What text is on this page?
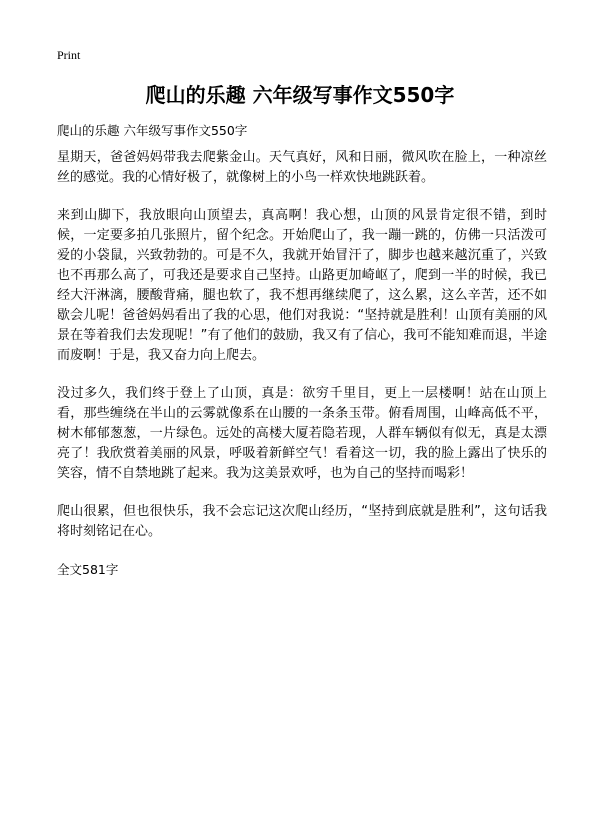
Print
爬山的乐趣 六年级写事作文550字
爬山的乐趣 六年级写事作文550字

星期天，爸爸妈妈带我去爬紫金山。天气真好，风和日丽，微风吹在脸上，一种凉丝丝的感觉。我的心情好极了，就像树上的小鸟一样欢快地跳跃着。

来到山脚下，我放眼向山顶望去，真高啊！我心想，山顶的风景肯定很不错，到时候，一定要多拍几张照片，留个纪念。开始爬山了，我一蹦一跳的，仿佛一只活泼可爱的小袋鼠，兴致勃勃的。可是不久，我就开始冒汗了，脚步也越来越沉重了，兴致也不再那么高了，可我还是要求自己坚持。山路更加崎岖了，爬到一半的时候，我已经大汗淋漓，腰酸背痛，腿也软了，我不想再继续爬了，这么累，这么辛苦，还不如歇会儿呢！爸爸妈妈看出了我的心思，他们对我说：“坚持就是胜利！山顶有美丽的风景在等着我们去发现呢！”有了他们的鼓励，我又有了信心，我可不能知难而退，半途而废啊！于是，我又奋力向上爬去。

没过多久，我们终于登上了山顶，真是：欲穷千里目，更上一层楼啊！站在山顶上看，那些缠绕在半山的云雾就像系在山腰的一条条玉带。俯看周围，山峰高低不平，树木郁郁葱葱，一片绿色。远处的高楼大厦若隐若现，人群车辆似有似无，真是太漂亮了！我欣赏着美丽的风景，呼吸着新鲜空气！看着这一切，我的脸上露出了快乐的笑容，情不自禁地跳了起来。我为这美景欢呼，也为自己的坚持而喝彩！

爬山很累，但也很快乐，我不会忘记这次爬山经历，“坚持到底就是胜利”，这句话我将时刻铭记在心。

全文581字
